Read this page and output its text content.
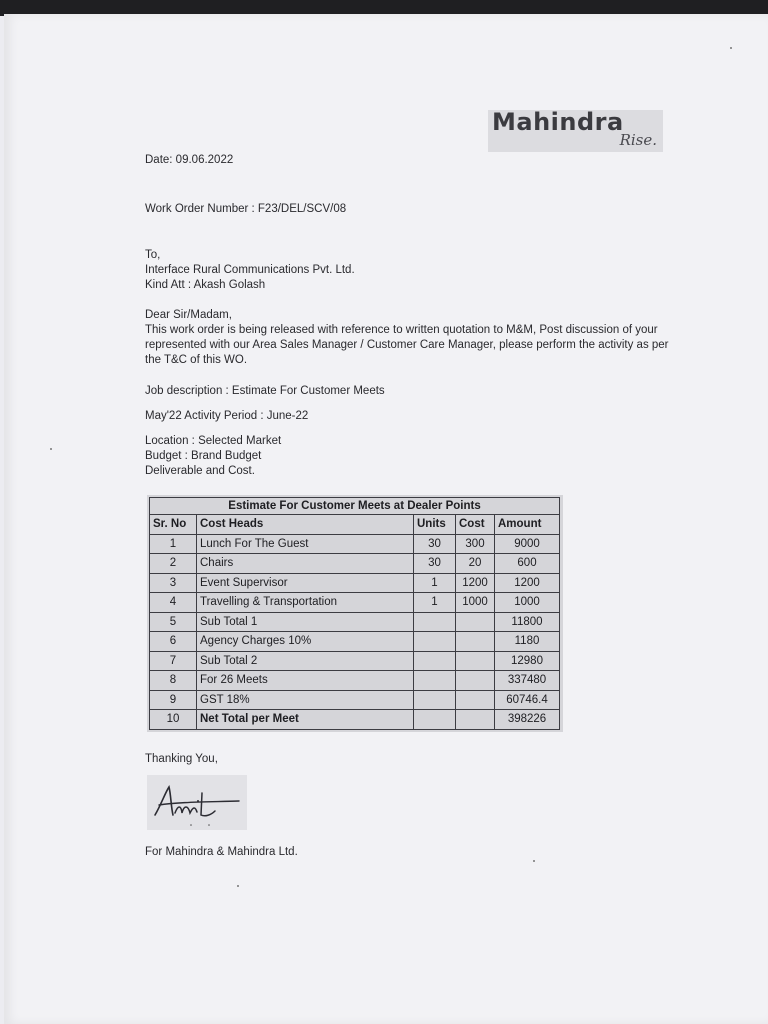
Mahindra
Rise.
Date: 09.06.2022
Work Order Number : F23/DEL/SCV/08
To,
Interface Rural Communications Pvt. Ltd.
Kind Att : Akash Golash
Dear Sir/Madam,
This work order is being released with reference to written quotation to M&M, Post discussion of your represented with our Area Sales Manager / Customer Care Manager, please perform the activity as per the T&C of this WO.
Job description : Estimate For Customer Meets
May'22 Activity Period : June-22
Location : Selected Market
Budget : Brand Budget
Deliverable and Cost.
Estimate For Customer Meets at Dealer Points				
Sr. No	Cost Heads	Units	Cost	Amount
1	Lunch For The Guest	30	300	9000
2	Chairs	30	20	600
3	Event Supervisor	1	1200	1200
4	Travelling & Transportation	1	1000	1000
5	Sub Total 1			11800
6	Agency Charges 10%			1180
7	Sub Total 2			12980
8	For 26 Meets			337480
9	GST 18%			60746.4
10	Net Total per Meet			398226
Thanking You,
For Mahindra & Mahindra Ltd.
